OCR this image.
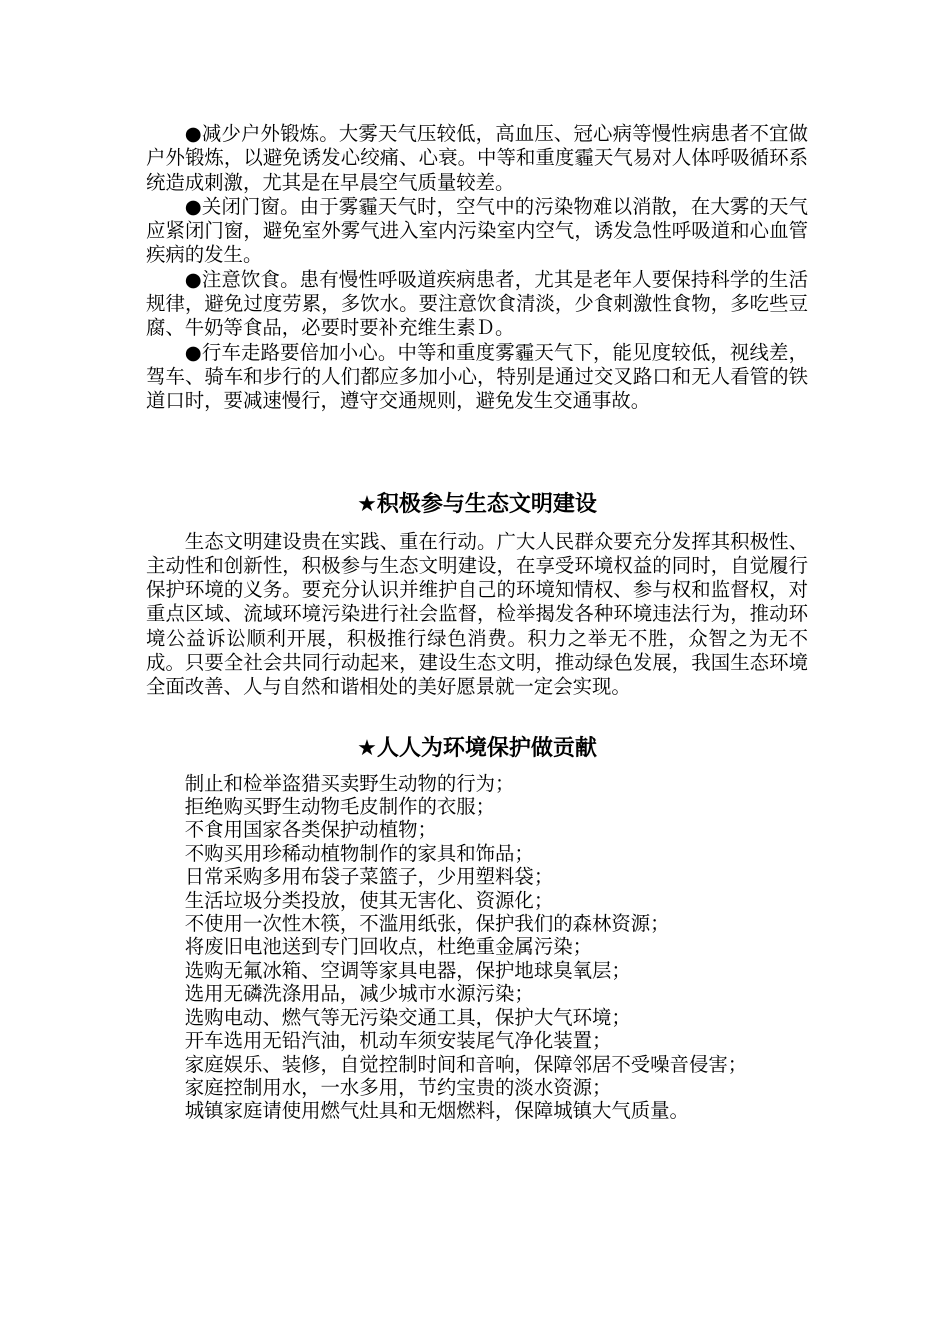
●减少户外锻炼。大雾天气压较低，高血压、冠心病等慢性病患者不宜做户外锻炼，以避免诱发心绞痛、心衰。中等和重度霾天气易对人体呼吸循环系统造成刺激，尤其是在早晨空气质量较差。

●关闭门窗。由于雾霾天气时，空气中的污染物难以消散，在大雾的天气应紧闭门窗，避免室外雾气进入室内污染室内空气，诱发急性呼吸道和心血管疾病的发生。

●注意饮食。患有慢性呼吸道疾病患者，尤其是老年人要保持科学的生活规律，避免过度劳累，多饮水。要注意饮食清淡，少食刺激性食物，多吃些豆腐、牛奶等食品，必要时要补充维生素Ｄ。

●行车走路要倍加小心。中等和重度雾霾天气下，能见度较低，视线差，驾车、骑车和步行的人们都应多加小心，特别是通过交叉路口和无人看管的铁道口时，要减速慢行，遵守交通规则，避免发生交通事故。

★积极参与生态文明建设

生态文明建设贵在实践、重在行动。广大人民群众要充分发挥其积极性、主动性和创新性，积极参与生态文明建设，在享受环境权益的同时，自觉履行保护环境的义务。要充分认识并维护自己的环境知情权、参与权和监督权，对重点区域、流域环境污染进行社会监督，检举揭发各种环境违法行为，推动环境公益诉讼顺利开展，积极推行绿色消费。积力之举无不胜，众智之为无不成。只要全社会共同行动起来，建设生态文明，推动绿色发展，我国生态环境全面改善、人与自然和谐相处的美好愿景就一定会实现。

★人人为环境保护做贡献
制止和检举盗猎买卖野生动物的行为；
拒绝购买野生动物毛皮制作的衣服；
不食用国家各类保护动植物；
不购买用珍稀动植物制作的家具和饰品；
日常采购多用布袋子菜篮子，少用塑料袋；
生活垃圾分类投放，使其无害化、资源化；
不使用一次性木筷，不滥用纸张，保护我们的森林资源；
将废旧电池送到专门回收点，杜绝重金属污染；
选购无氟冰箱、空调等家具电器，保护地球臭氧层；
选用无磷洗涤用品，减少城市水源污染；
选购电动、燃气等无污染交通工具，保护大气环境；
开车选用无铅汽油，机动车须安装尾气净化装置；
家庭娱乐、装修，自觉控制时间和音响，保障邻居不受噪音侵害；
家庭控制用水，一水多用，节约宝贵的淡水资源；
城镇家庭请使用燃气灶具和无烟燃料，保障城镇大气质量。
